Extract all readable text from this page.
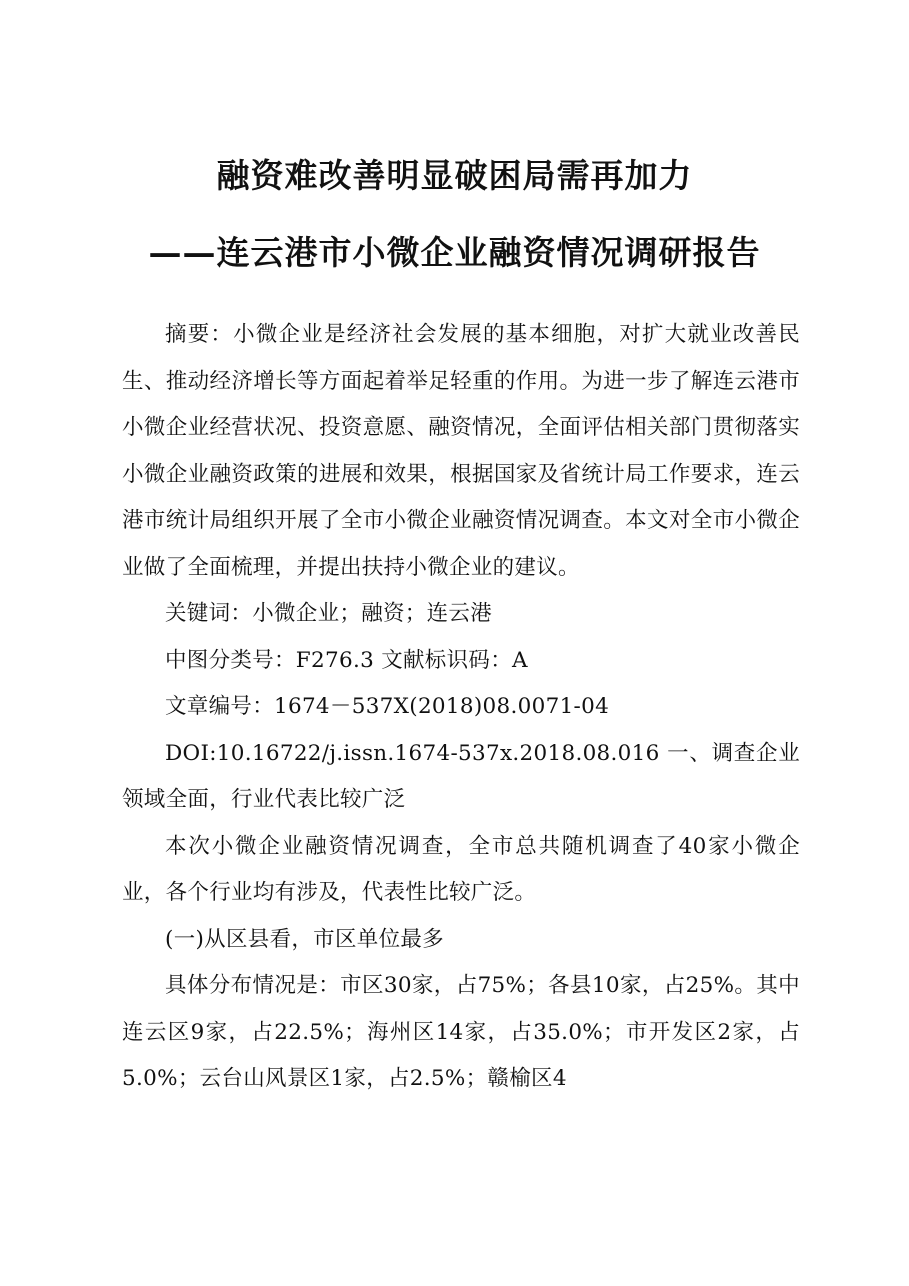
融资难改善明显破困局需再加力
——连云港市小微企业融资情况调研报告

摘要：小微企业是经济社会发展的基本细胞，对扩大就业改善民生、推动经济增长等方面起着举足轻重的作用。为进一步了解连云港市小微企业经营状况、投资意愿、融资情况，全面评估相关部门贯彻落实小微企业融资政策的进展和效果，根据国家及省统计局工作要求，连云港市统计局组织开展了全市小微企业融资情况调查。本文对全市小微企业做了全面梳理，并提出扶持小微企业的建议。

关键词：小微企业；融资；连云港

中图分类号：F276.3 文献标识码：A

文章编号：1674－537X(2018)08.0071-04

DOI:10.16722/j.issn.1674-537x.2018.08.016 一、调查企业领域全面，行业代表比较广泛

本次小微企业融资情况调查，全市总共随机调查了40家小微企业，各个行业均有涉及，代表性比较广泛。

(一)从区县看，市区单位最多

具体分布情况是：市区30家，占75%；各县10家，占25%。其中连云区9家，占22.5%；海州区14家，占35.0%；市开发区2家，占5.0%；云台山风景区1家，占2.5%；赣榆区4
